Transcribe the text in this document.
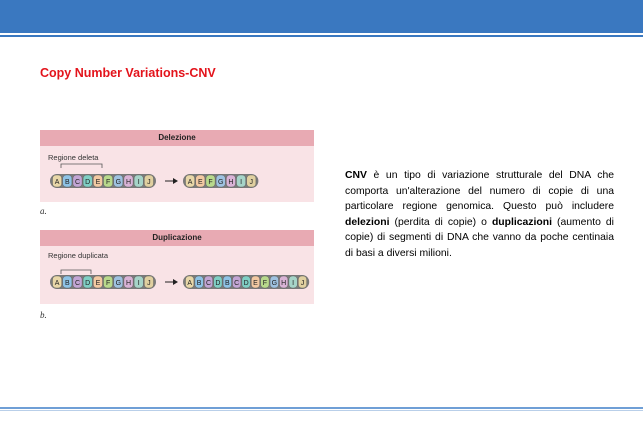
Copy Number Variations-CNV
Delezione
Regione deleta
A B C D E F G H I J	A E F G H I J
a.
Duplicazione
Regione duplicata
A B C D E F G H I J	A B C D B C D E F G H I J
b.
CNV è un tipo di variazione strutturale del DNA che comporta un'alterazione del numero di copie di una particolare regione genomica. Questo può includere delezioni (perdita di copie) o duplicazioni (aumento di copie) di segmenti di DNA che vanno da poche centinaia di basi a diversi milioni.
